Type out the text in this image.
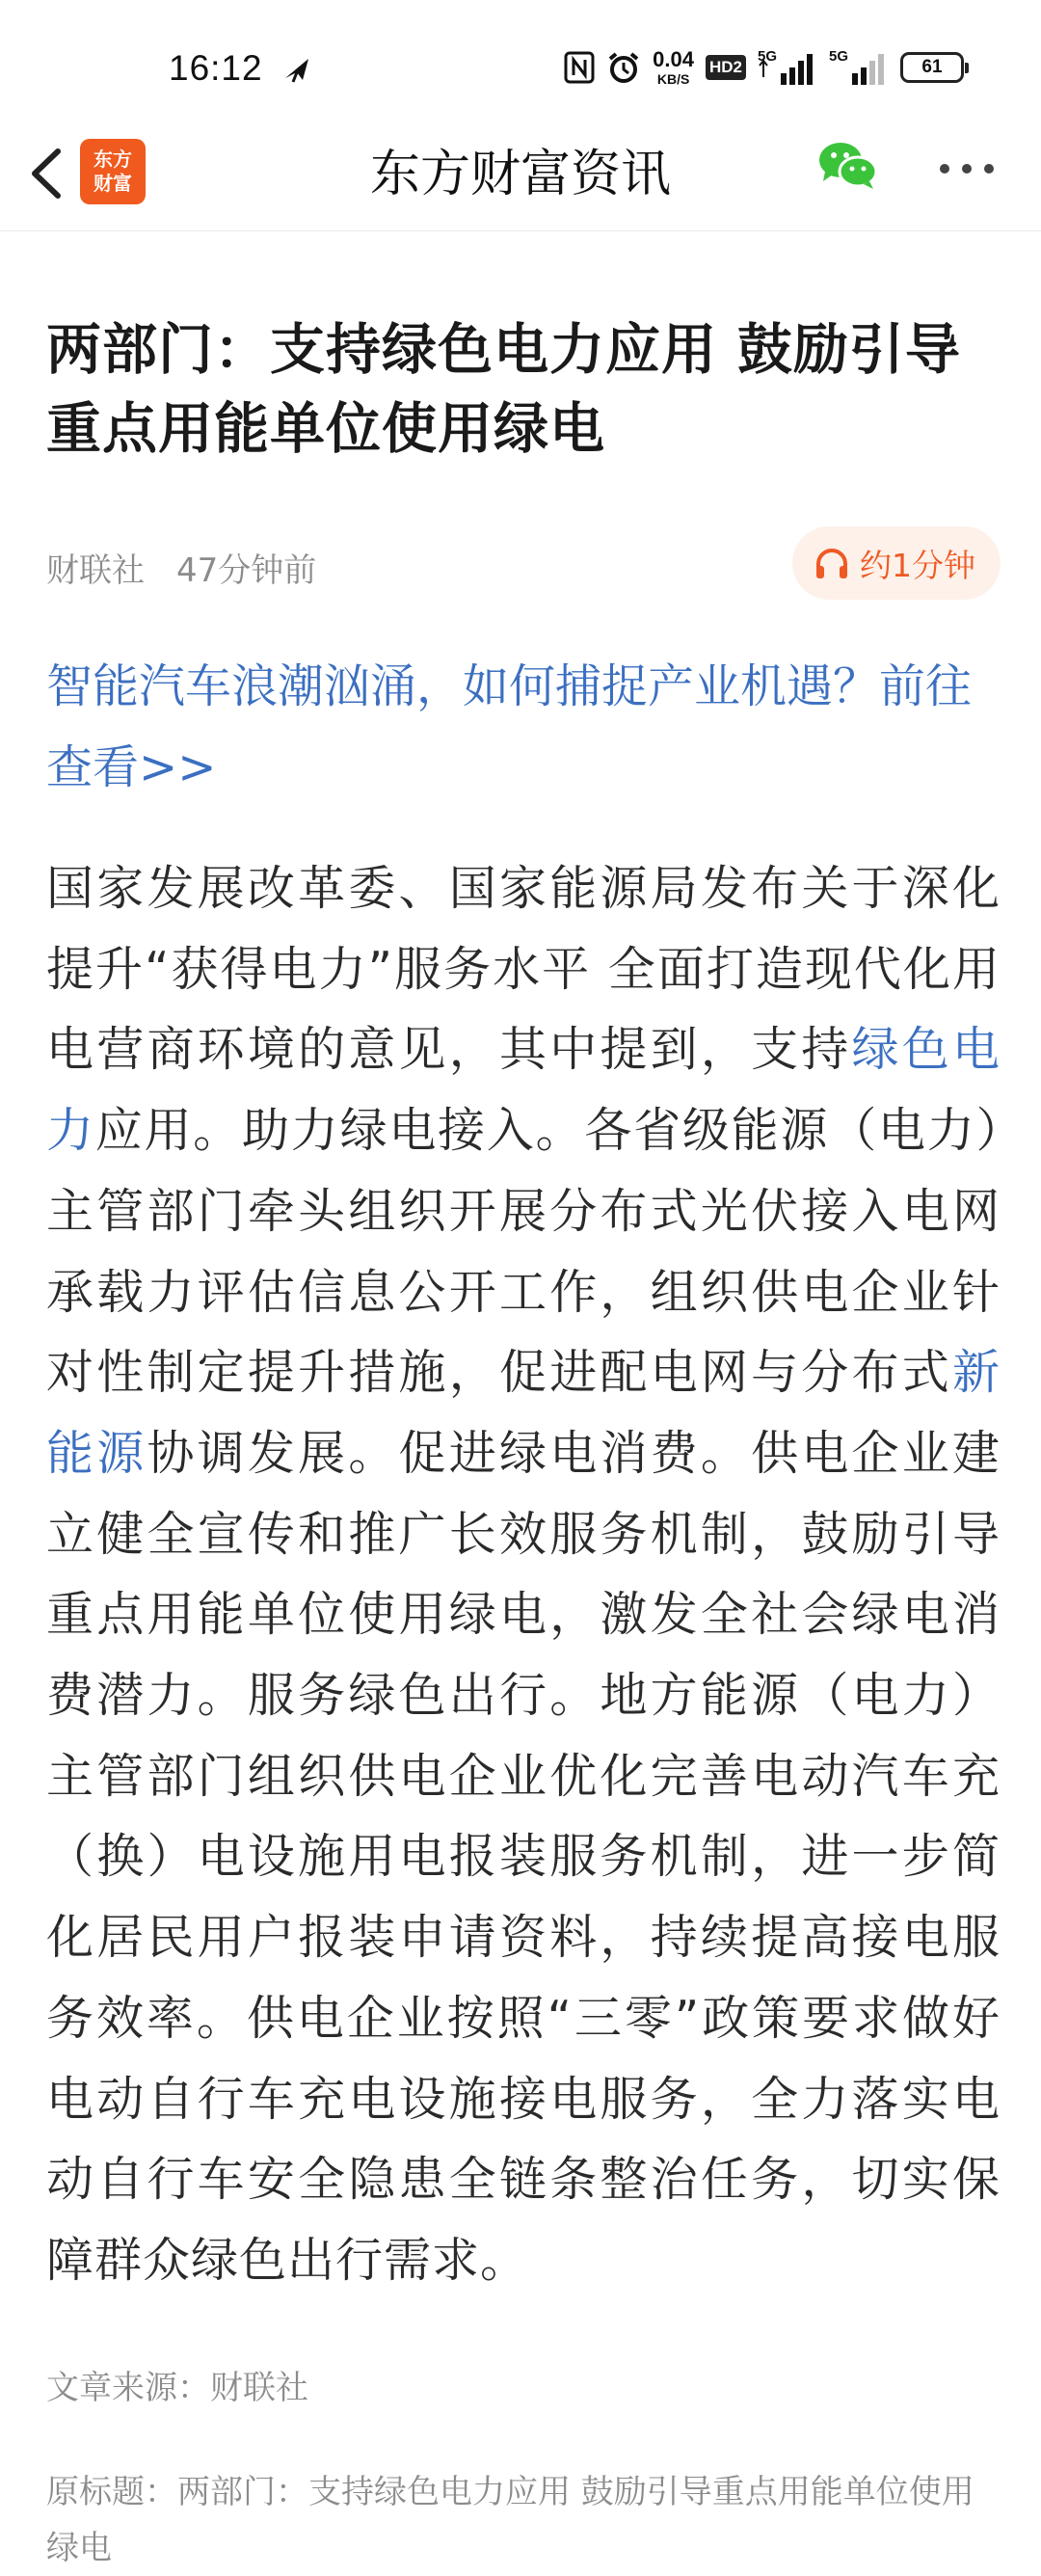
16:12	0.04
KB/S
HD2
5G	5G
61
东方
财富	东方财富资讯
两部门：支持绿色电力应用 鼓励引导重点用能单位使用绿电
财联社 47分钟前	约1分钟
智能汽车浪潮汹涌，如何捕捉产业机遇？前往查看>>
国家发展改革委、国家能源局发布关于深化提升“获得电力”服务水平 全面打造现代化用电营商环境的意见，其中提到，支持绿色电力应用。助力绿电接入。各省级能源（电力）主管部门牵头组织开展分布式光伏接入电网承载力评估信息公开工作，组织供电企业针对性制定提升措施，促进配电网与分布式新能源协调发展。促进绿电消费。供电企业建立健全宣传和推广长效服务机制，鼓励引导重点用能单位使用绿电，激发全社会绿电消费潜力。服务绿色出行。地方能源（电力）主管部门组织供电企业优化完善电动汽车充（换）电设施用电报装服务机制，进一步简化居民用户报装申请资料，持续提高接电服务效率。供电企业按照“三零”政策要求做好电动自行车充电设施接电服务，全力落实电动自行车安全隐患全链条整治任务，切实保障群众绿色出行需求。
文章来源：财联社
原标题：两部门：支持绿色电力应用 鼓励引导重点用能单位使用绿电
